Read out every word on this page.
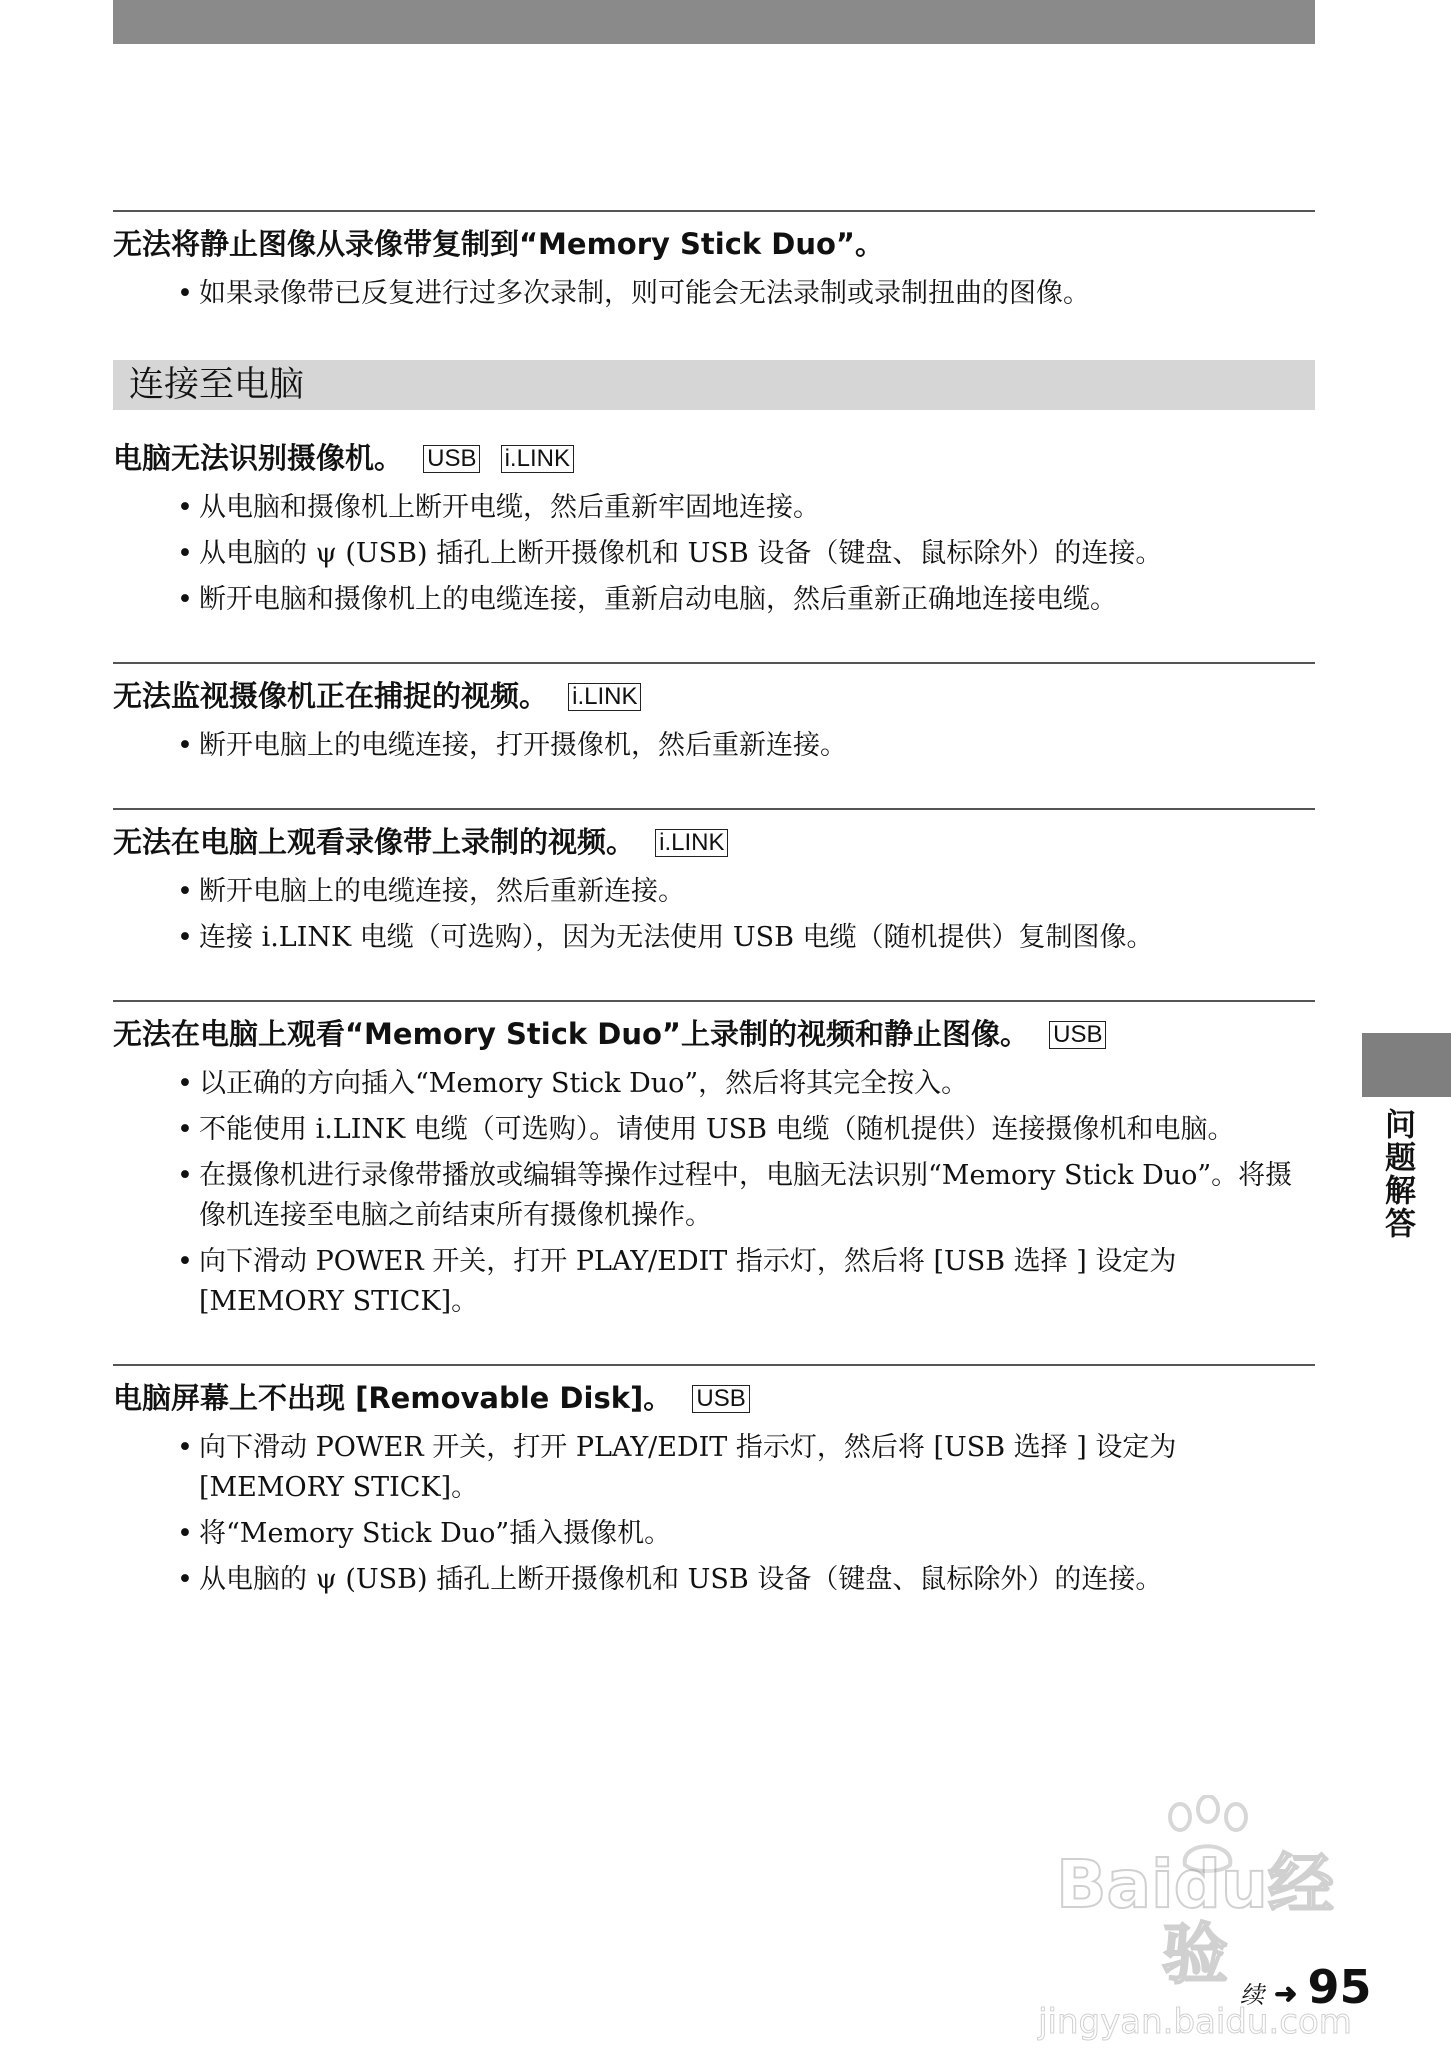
无法将静止图像从录像带复制到“Memory Stick Duo”。
• 如果录像带已反复进行过多次录制，则可能会无法录制或录制扭曲的图像。
连接至电脑
电脑无法识别摄像机。 USB i.LINK
• 从电脑和摄像机上断开电缆，然后重新牢固地连接。
• 从电脑的 ψ (USB) 插孔上断开摄像机和 USB 设备（键盘、鼠标除外）的连接。
• 断开电脑和摄像机上的电缆连接，重新启动电脑，然后重新正确地连接电缆。
无法监视摄像机正在捕捉的视频。 i.LINK
• 断开电脑上的电缆连接，打开摄像机，然后重新连接。
无法在电脑上观看录像带上录制的视频。 i.LINK
• 断开电脑上的电缆连接，然后重新连接。
• 连接 i.LINK 电缆（可选购），因为无法使用 USB 电缆（随机提供）复制图像。
无法在电脑上观看“Memory Stick Duo”上录制的视频和静止图像。 USB
• 以正确的方向插入“Memory Stick Duo”，然后将其完全按入。
• 不能使用 i.LINK 电缆（可选购）。请使用 USB 电缆（随机提供）连接摄像机和电脑。
• 在摄像机进行录像带播放或编辑等操作过程中，电脑无法识别“Memory Stick Duo”。将摄像机连接至电脑之前结束所有摄像机操作。
• 向下滑动 POWER 开关，打开 PLAY/EDIT 指示灯，然后将 [USB 选择 ] 设定为 [MEMORY STICK]。
电脑屏幕上不出现 [Removable Disk]。 USB
• 向下滑动 POWER 开关，打开 PLAY/EDIT 指示灯，然后将 [USB 选择 ] 设定为 [MEMORY STICK]。
• 将“Memory Stick Duo”插入摄像机。
• 从电脑的 ψ (USB) 插孔上断开摄像机和 USB 设备（键盘、鼠标除外）的连接。
问题解答
Baidu经验
jingyan.baidu.com
续 ➜ 95
